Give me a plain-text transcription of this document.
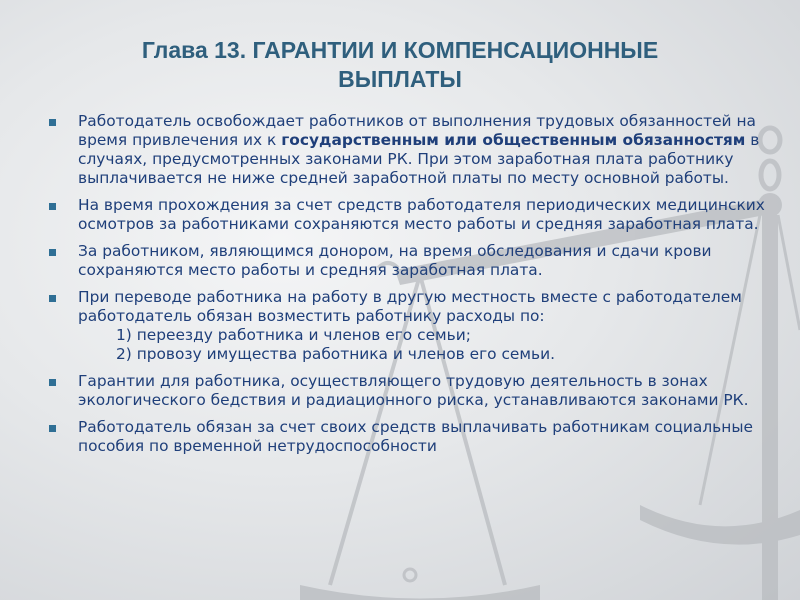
Глава 13. ГАРАНТИИ И КОМПЕНСАЦИОННЫЕ
ВЫПЛАТЫ
Работодатель освобождает работников от выполнения трудовых обязанностей на время привлечения их к государственным или общественным обязанностям в случаях, предусмотренных законами РК. При этом заработная плата работнику выплачивается не ниже средней заработной платы по месту основной работы.
На время прохождения за счет средств работодателя периодических медицинских осмотров за работниками сохраняются место работы и средняя заработная плата.
За работником, являющимся донором, на время обследования и сдачи крови сохраняются место работы и средняя заработная плата.
При переводе работника на работу в другую местность вместе с работодателем работодатель обязан возместить работнику расходы по:
1) переезду работника и членов его семьи;
2) провозу имущества работника и членов его семьи.
Гарантии для работника, осуществляющего трудовую деятельность в зонах экологического бедствия и радиационного риска, устанавливаются законами РК.
Работодатель обязан за счет своих средств выплачивать работникам социальные пособия по временной нетрудоспособности
